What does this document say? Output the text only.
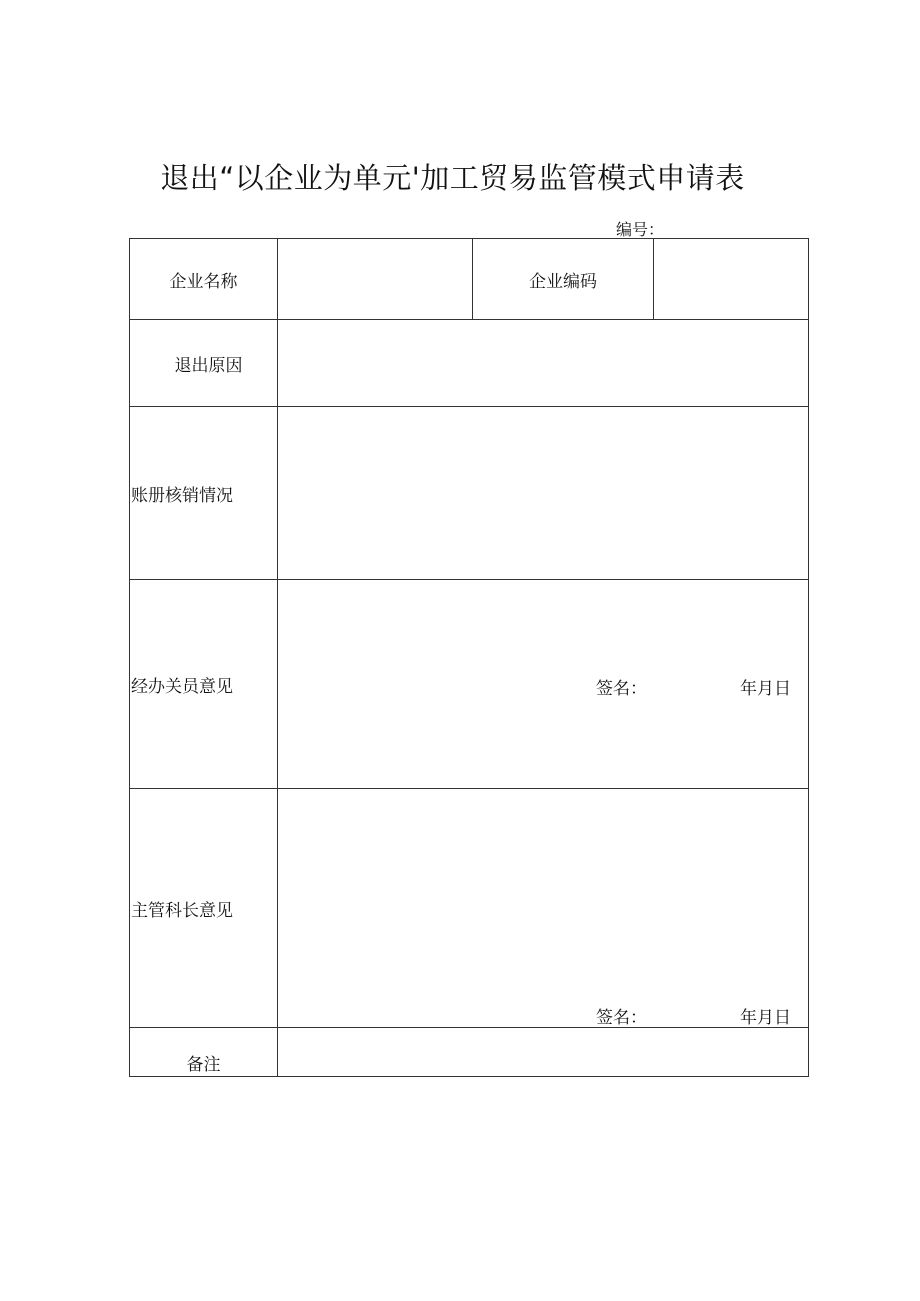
退出“以企业为单元'加工贸易监管模式申请表
编号：
企业名称		企业编码	
退出原因			
账册核销情况			
经办关员意见	签名： 年月日		

主管科长意见	签名： 年月日		

备注			
